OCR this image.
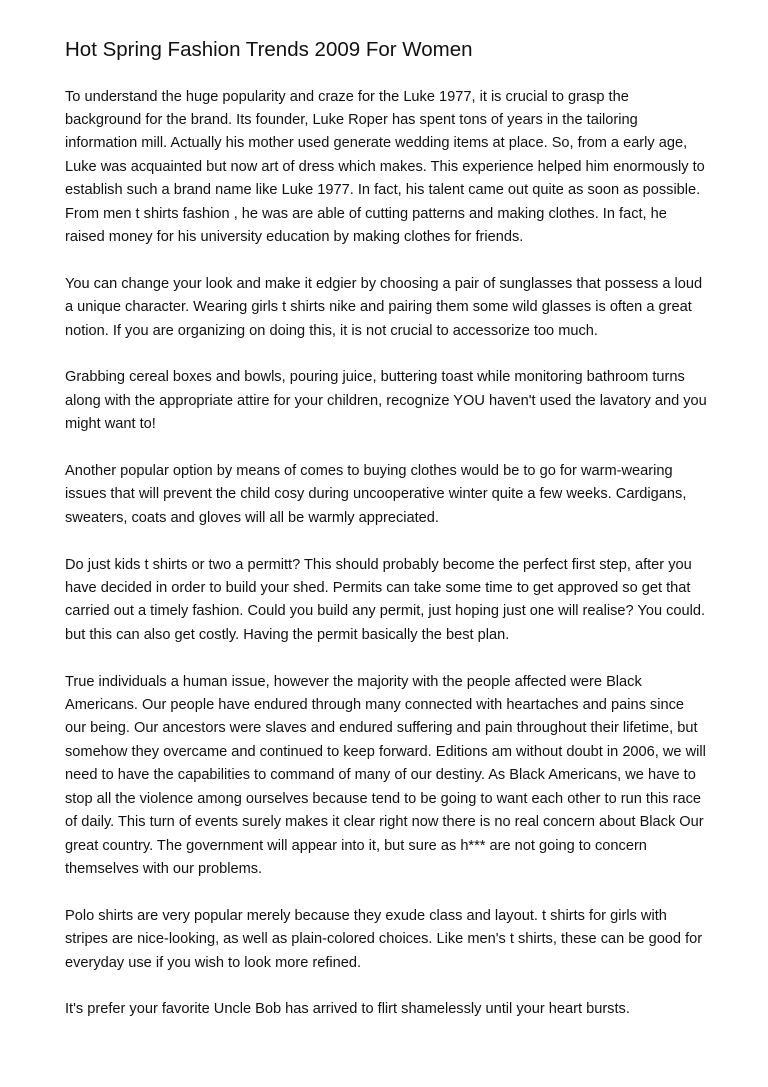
Hot Spring Fashion Trends 2009 For Women

To understand the huge popularity and craze for the Luke 1977, it is crucial to grasp the background for the brand. Its founder, Luke Roper has spent tons of years in the tailoring information mill. Actually his mother used generate wedding items at place. So, from a early age, Luke was acquainted but now art of dress which makes. This experience helped him enormously to establish such a brand name like Luke 1977. In fact, his talent came out quite as soon as possible. From men t shirts fashion , he was are able of cutting patterns and making clothes. In fact, he raised money for his university education by making clothes for friends.

You can change your look and make it edgier by choosing a pair of sunglasses that possess a loud a unique character. Wearing girls t shirts nike and pairing them some wild glasses is often a great notion. If you are organizing on doing this, it is not crucial to accessorize too much.

Grabbing cereal boxes and bowls, pouring juice, buttering toast while monitoring bathroom turns along with the appropriate attire for your children, recognize YOU haven't used the lavatory and you might want to!

Another popular option by means of comes to buying clothes would be to go for warm-wearing issues that will prevent the child cosy during uncooperative winter quite a few weeks. Cardigans, sweaters, coats and gloves will all be warmly appreciated.

Do just kids t shirts or two a permitt? This should probably become the perfect first step, after you have decided in order to build your shed. Permits can take some time to get approved so get that carried out a timely fashion. Could you build any permit, just hoping just one will realise? You could. but this can also get costly. Having the permit basically the best plan.

True individuals a human issue, however the majority with the people affected were Black Americans. Our people have endured through many connected with heartaches and pains since our being. Our ancestors were slaves and endured suffering and pain throughout their lifetime, but somehow they overcame and continued to keep forward. Editions am without doubt in 2006, we will need to have the capabilities to command of many of our destiny. As Black Americans, we have to stop all the violence among ourselves because tend to be going to want each other to run this race of daily. This turn of events surely makes it clear right now there is no real concern about Black Our great country. The government will appear into it, but sure as h*** are not going to concern themselves with our problems.

Polo shirts are very popular merely because they exude class and layout. t shirts for girls with stripes are nice-looking, as well as plain-colored choices. Like men's t shirts, these can be good for everyday use if you wish to look more refined.

It's prefer your favorite Uncle Bob has arrived to flirt shamelessly until your heart bursts.
